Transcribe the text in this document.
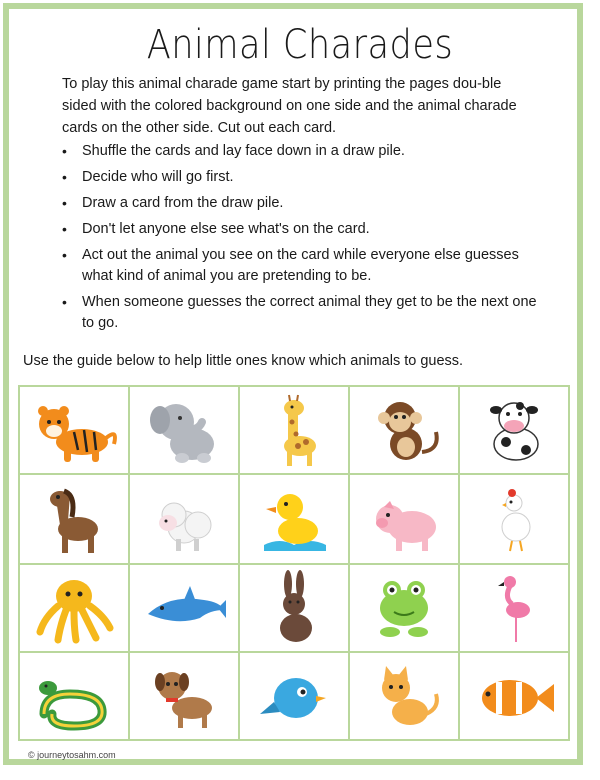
Animal Charades
To play this animal charade game start by printing the pages dou-ble sided with the colored background on one side and the animal charade cards on the other side. Cut out each card.
• Shuffle the cards and lay face down in a draw pile.
• Decide who will go first.
• Draw a card from the draw pile.
• Don't let anyone else see what's on the card.
• Act out the animal you see on the card while everyone else guesses what kind of animal you are pretending to be.
• When someone guesses the correct animal they get to be the next one to go.
Use the guide below to help little ones know which animals to guess.
© journeytosahm.com
